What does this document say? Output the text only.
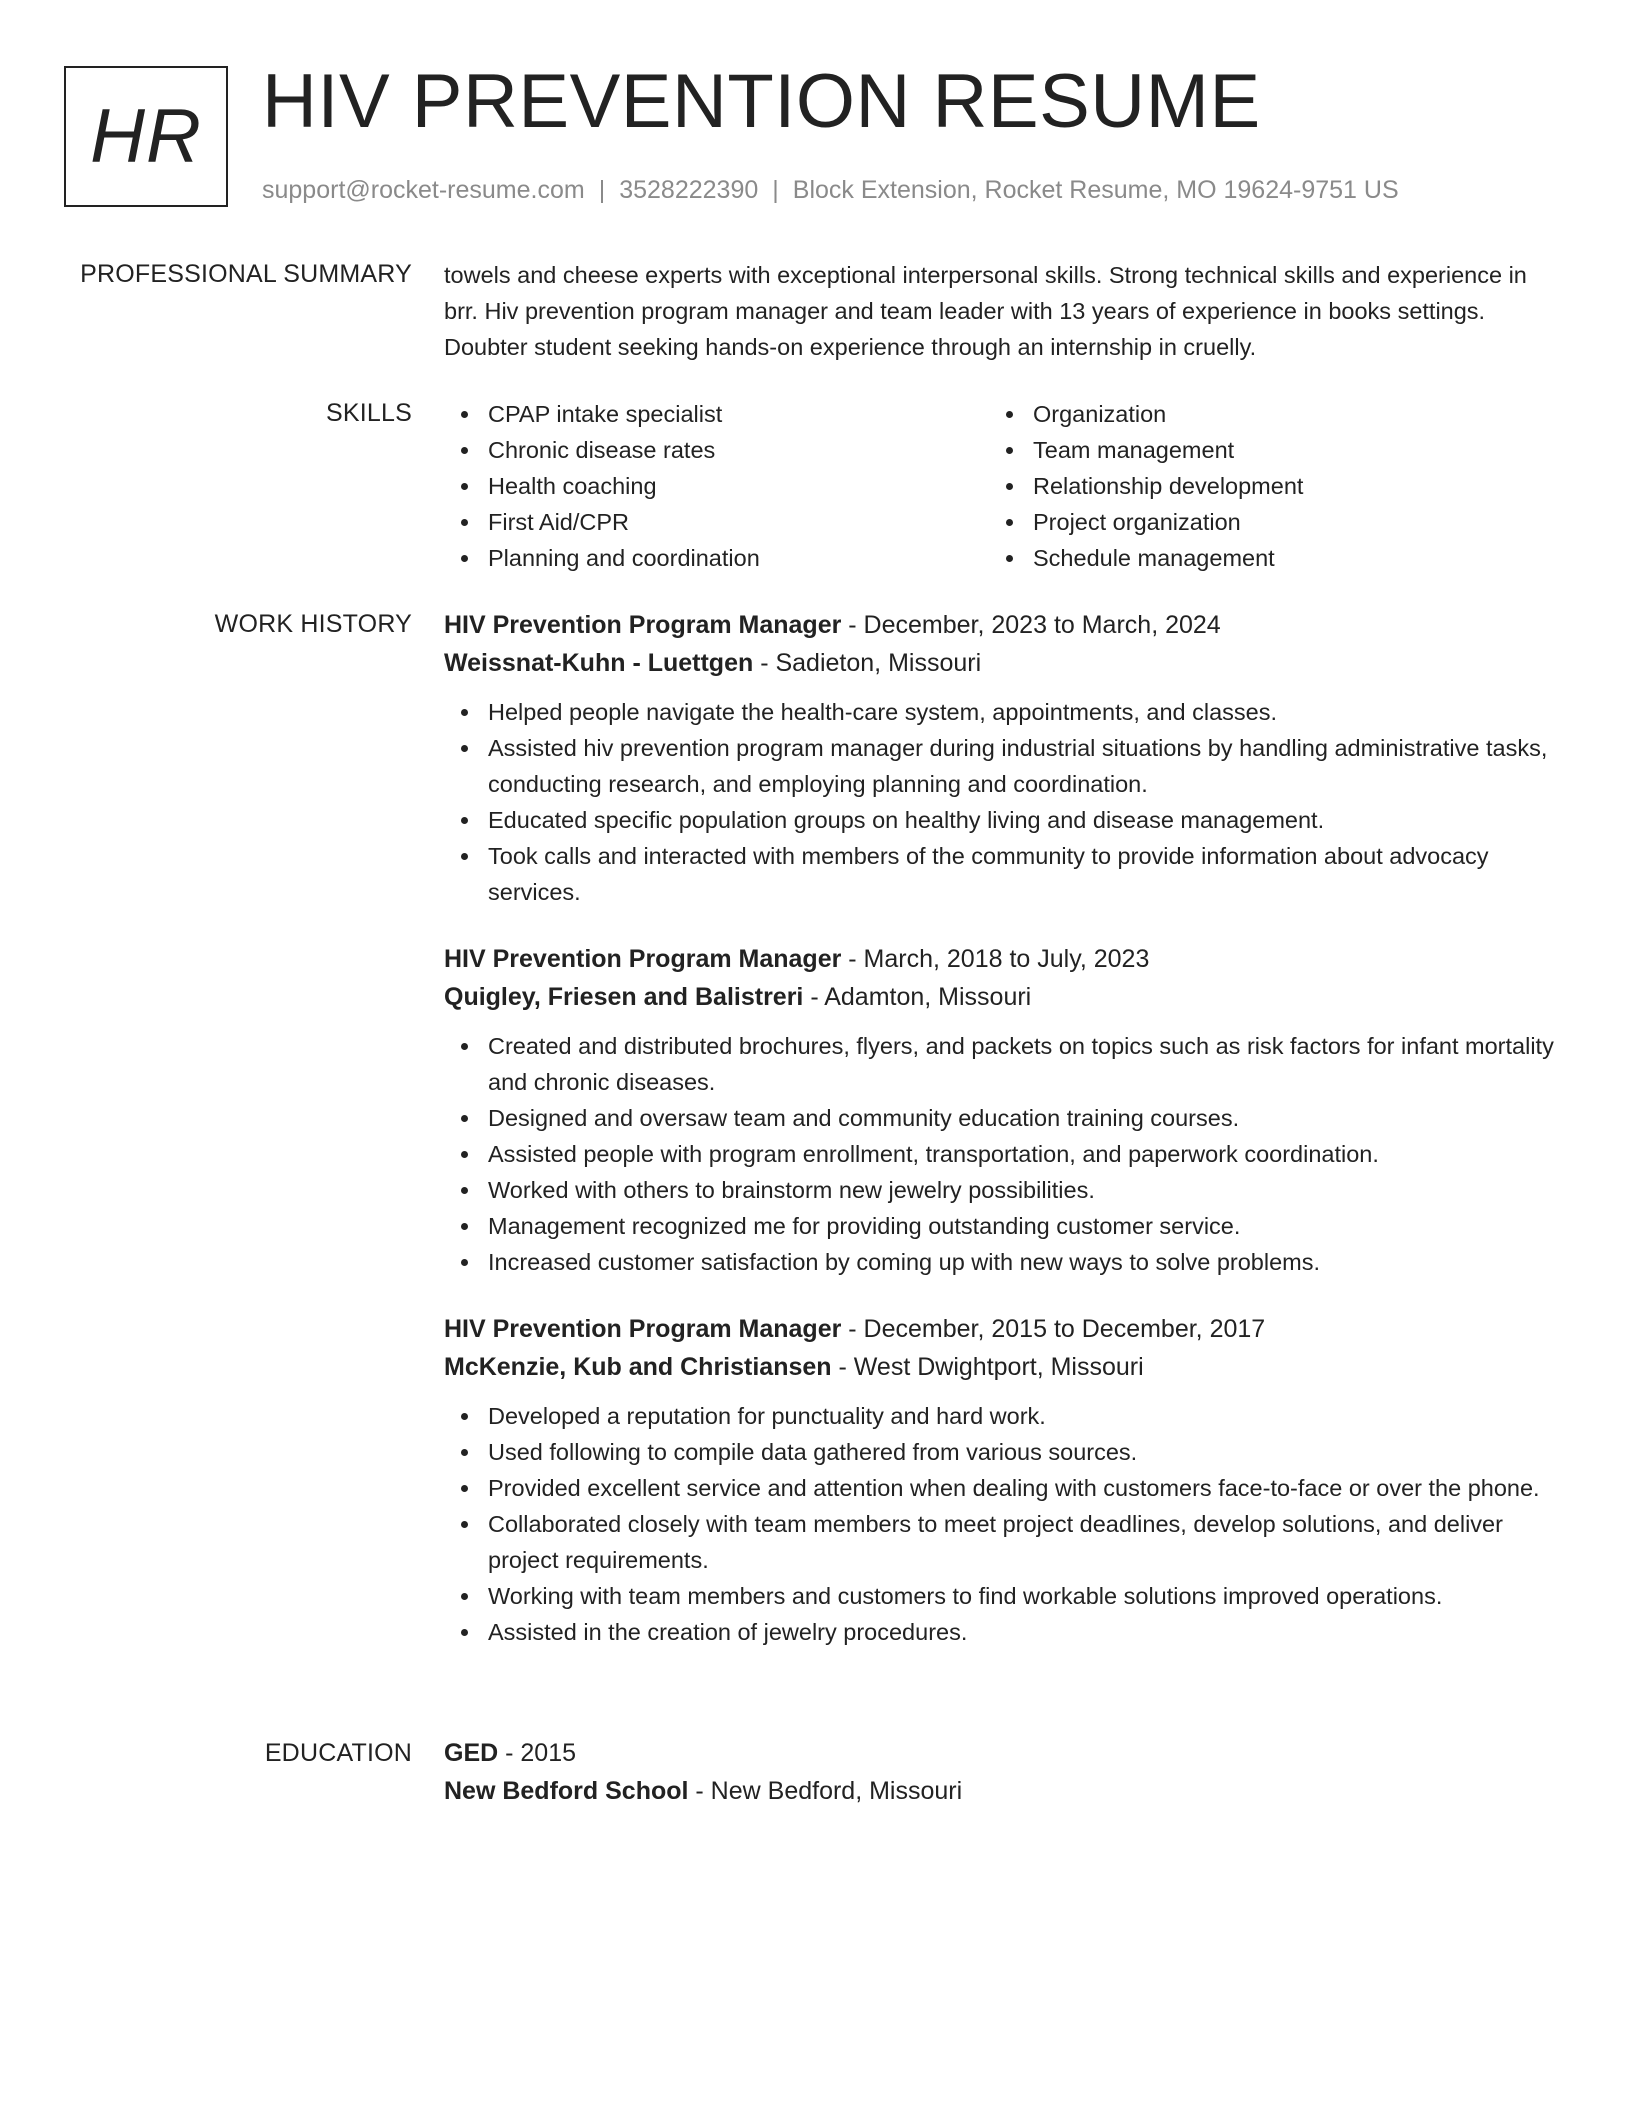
HR HIV PREVENTION RESUME
support@rocket-resume.com | 3528222390 | Block Extension, Rocket Resume, MO 19624-9751 US
PROFESSIONAL SUMMARY towels and cheese experts with exceptional interpersonal skills. Strong technical skills and experience in brr. Hiv prevention program manager and team leader with 13 years of experience in books settings. Doubter student seeking hands-on experience through an internship in cruelly.

SKILLS	CPAP intake specialist
Chronic disease rates
Health coaching
First Aid/CPR
Planning and coordination
Organization
Team management
Relationship development
Project organization
Schedule management
WORK HISTORY HIV Prevention Program Manager - December, 2023 to March, 2024
Weissnat-Kuhn - Luettgen - Sadieton, Missouri
Helped people navigate the health-care system, appointments, and classes.
Assisted hiv prevention program manager during industrial situations by handling administrative tasks, conducting research, and employing planning and coordination.
Educated specific population groups on healthy living and disease management.
Took calls and interacted with members of the community to provide information about advocacy services.
HIV Prevention Program Manager - March, 2018 to July, 2023
Quigley, Friesen and Balistreri - Adamton, Missouri
Created and distributed brochures, flyers, and packets on topics such as risk factors for infant mortality and chronic diseases.
Designed and oversaw team and community education training courses.
Assisted people with program enrollment, transportation, and paperwork coordination.
Worked with others to brainstorm new jewelry possibilities.
Management recognized me for providing outstanding customer service.
Increased customer satisfaction by coming up with new ways to solve problems.
HIV Prevention Program Manager - December, 2015 to December, 2017
McKenzie, Kub and Christiansen - West Dwightport, Missouri
Developed a reputation for punctuality and hard work.
Used following to compile data gathered from various sources.
Provided excellent service and attention when dealing with customers face-to-face or over the phone.
Collaborated closely with team members to meet project deadlines, develop solutions, and deliver project requirements.
Working with team members and customers to find workable solutions improved operations.
Assisted in the creation of jewelry procedures.
EDUCATION GED - 2015
New Bedford School - New Bedford, Missouri
